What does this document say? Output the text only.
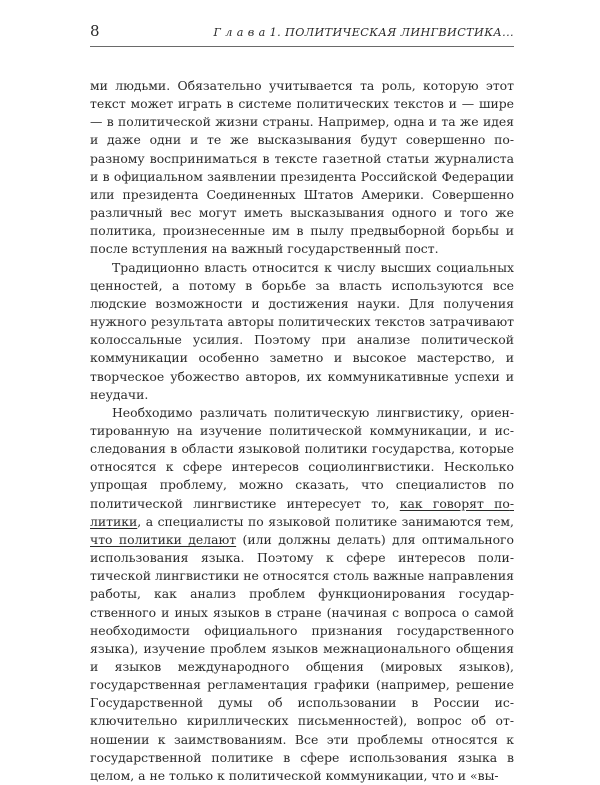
8	Г л а в а 1. ПОЛИТИЧЕСКАЯ ЛИНГВИСТИКА...

ми людьми. Обязательно учитывается та роль, которую этот текст может играть в системе политических текстов и — шире — в политической жизни страны. Например, одна и та же идея и даже одни и те же высказывания будут совершенно по-разному восприниматься в тексте газетной статьи журналиста и в официальном заявлении президента Российской Федерации или президента Соединенных Штатов Америки. Совершенно различный вес могут иметь высказывания одного и того же политика, произнесенные им в пылу предвыборной борьбы и после вступления на важный государственный пост.

Традиционно власть относится к числу высших социальных ценностей, а потому в борьбе за власть используются все людские возможности и достижения науки. Для получения нужного результата авторы политических текстов затрачивают колоссальные усилия. Поэтому при анализе политической коммуникации особенно заметно и высокое мастерство, и творческое убожество авторов, их коммуникативные успехи и неудачи.

Необходимо различать политическую лингвистику, ориентированную на изучение политической коммуникации, и исследования в области языковой политики государства, которые относятся к сфере интересов социолингвистики. Несколько упрощая проблему, можно сказать, что специалистов по политической лингвистике интересует то, как говорят политики, а специалисты по языковой политике занимаются тем, что политики делают (или должны делать) для оптимального использования языка. Поэтому к сфере интересов политической лингвистики не относятся столь важные направления работы, как анализ проблем функционирования государственного и иных языков в стране (начиная с вопроса о самой необходимости официального признания государственного языка), изучение проблем языков межнационального общения и языков международного общения (мировых языков), государственная регламентация графики (например, решение Государственной думы об использовании в России исключительно кириллических письменностей), вопрос об отношении к заимствованиям. Все эти проблемы относятся к государственной политике в сфере использования языка в целом, а не только к политической коммуникации, что и «вы-
